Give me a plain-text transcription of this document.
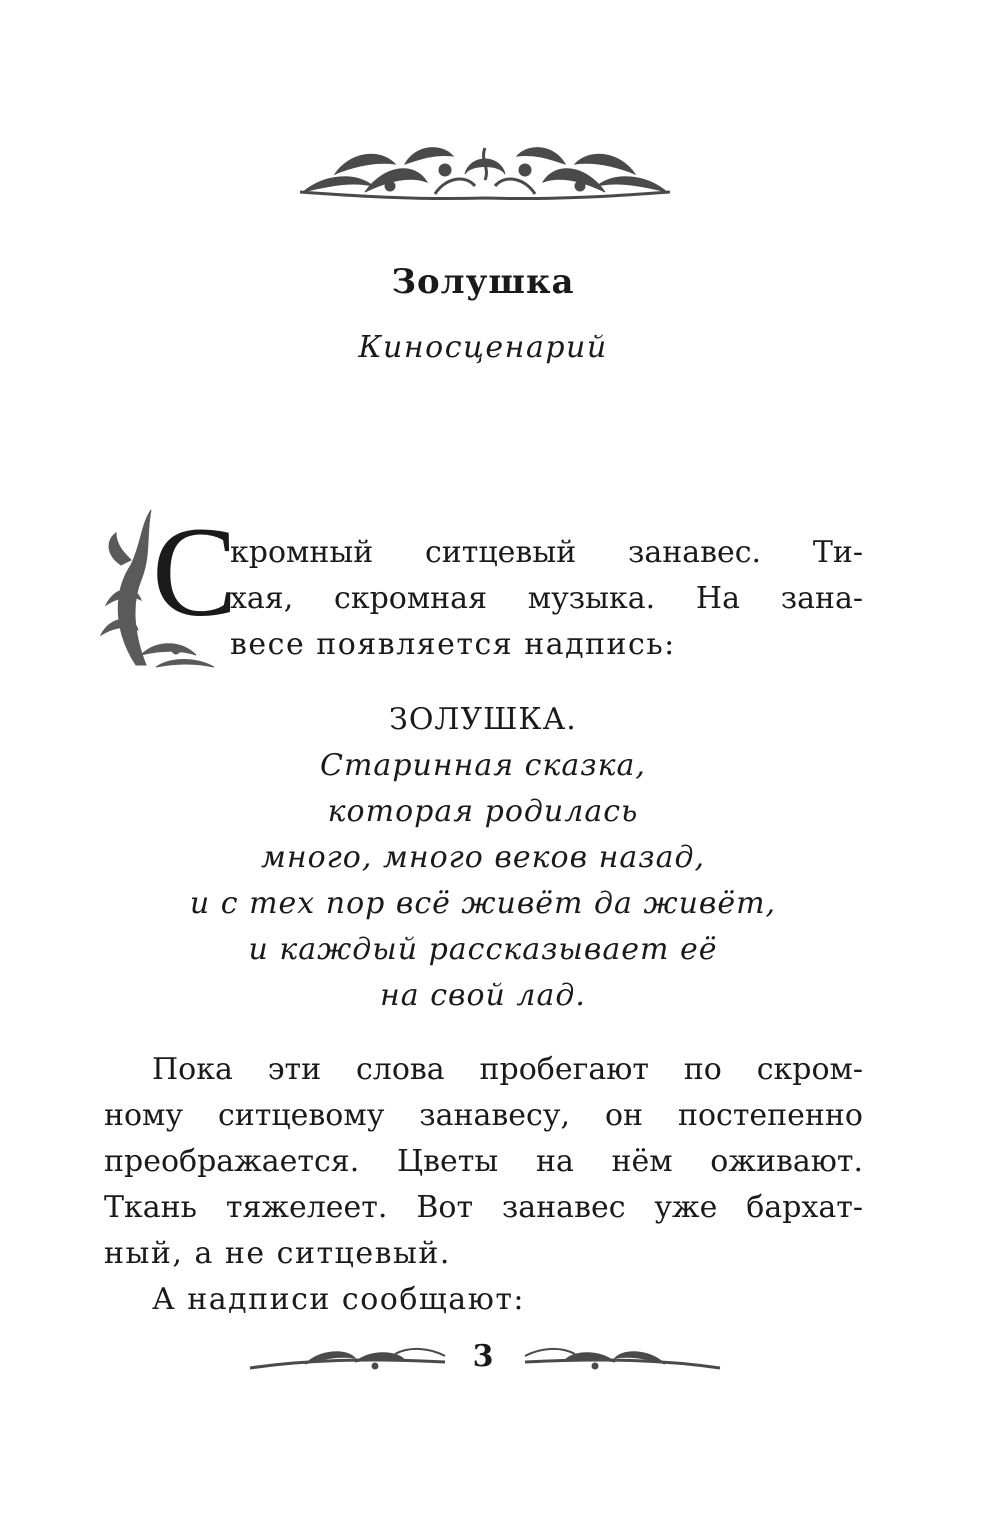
Золушка
Киносценарий
С
кромный ситцевый занавес. Ти-
хая, скромная музыка. На зана-
весе появляется надпись:
ЗОЛУШКА.
Старинная сказка,
которая родилась
много, много веков назад,
и с тех пор всё живёт да живёт,
и каждый рассказывает её
на свой лад.
Пока эти слова пробегают по скром-
ному ситцевому занавесу, он постепенно
преображается. Цветы на нём оживают.
Ткань тяжелеет. Вот занавес уже бархат-
ный, а не ситцевый.
А надписи сообщают:
3
